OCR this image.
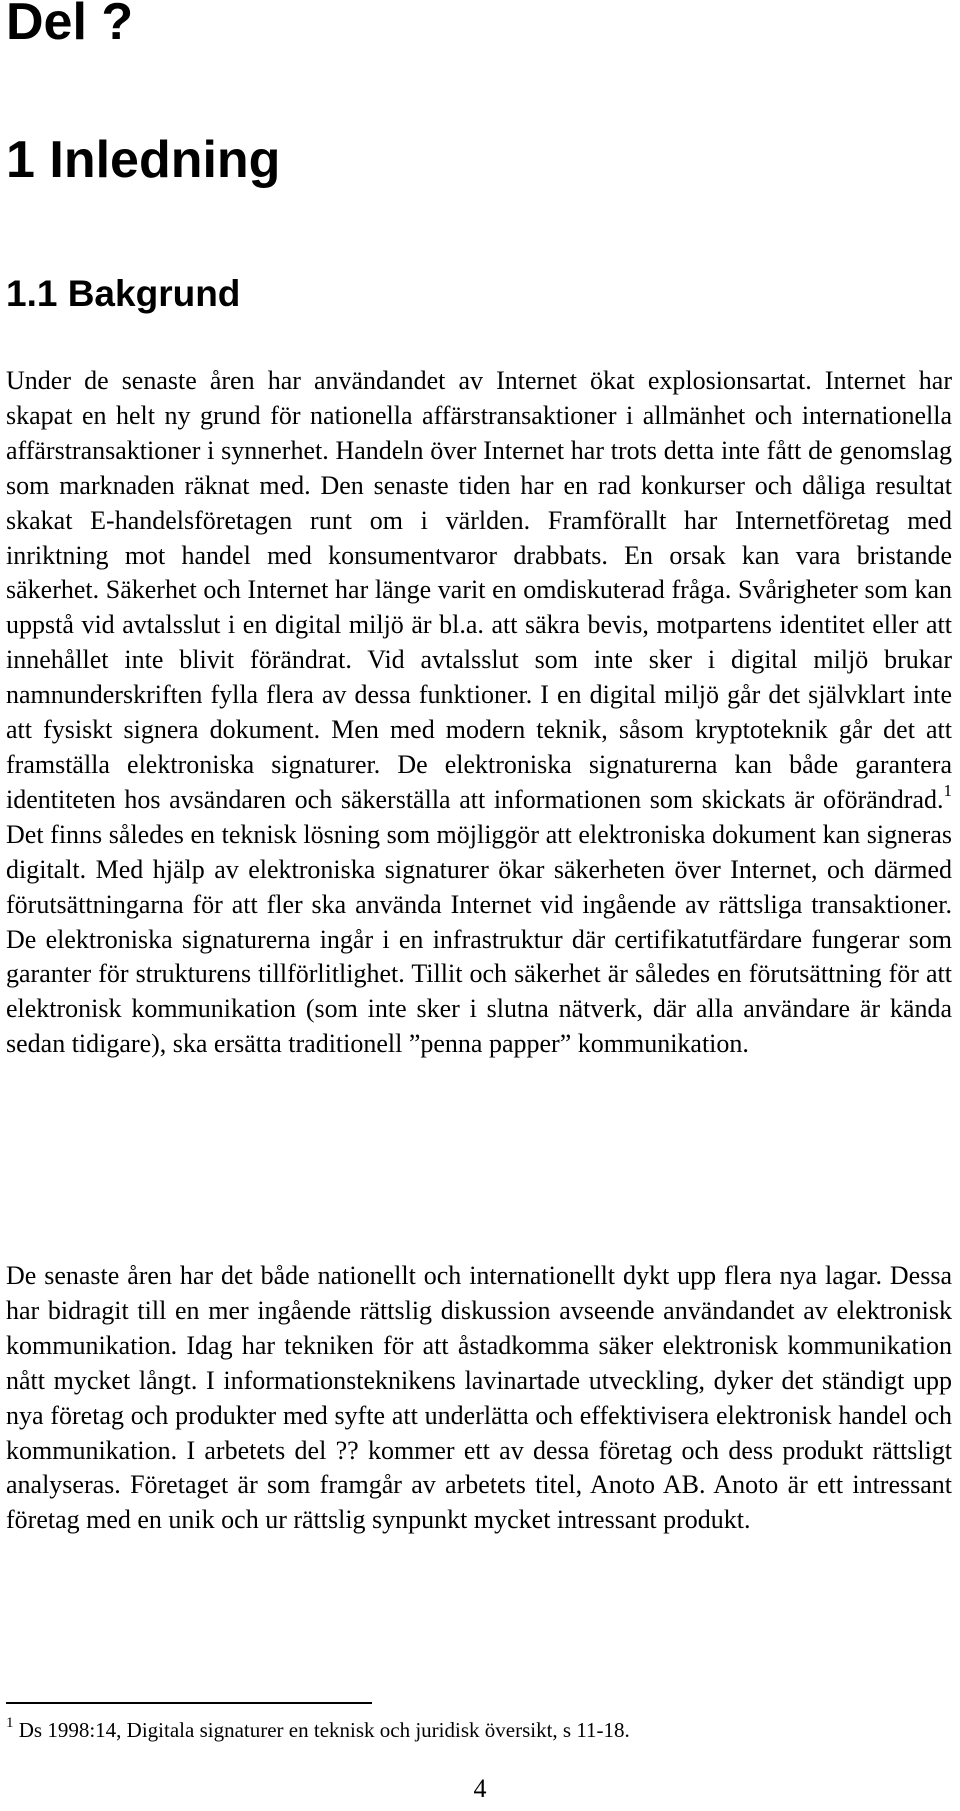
Del ?
1 Inledning
1.1 Bakgrund

Under de senaste åren har användandet av Internet ökat explosionsartat. Internet har skapat en helt ny grund för nationella affärstransaktioner i allmänhet och internationella affärstransaktioner i synnerhet. Handeln över Internet har trots detta inte fått de genomslag som marknaden räknat med. Den senaste tiden har en rad konkurser och dåliga resultat skakat E-handelsföretagen runt om i världen. Framförallt har Internetföretag med inriktning mot handel med konsumentvaror drabbats. En orsak kan vara bristande säkerhet. Säkerhet och Internet har länge varit en omdiskuterad fråga. Svårigheter som kan uppstå vid avtalsslut i en digital miljö är bl.a. att säkra bevis, motpartens identitet eller att innehållet inte blivit förändrat. Vid avtalsslut som inte sker i digital miljö brukar namnunderskriften fylla flera av dessa funktioner. I en digital miljö går det självklart inte att fysiskt signera dokument. Men med modern teknik, såsom kryptoteknik går det att framställa elektroniska signaturer. De elektroniska signaturerna kan både garantera identiteten hos avsändaren och säkerställa att informationen som skickats är oförändrad.$^1$ Det finns således en teknisk lösning som möjliggör att elektroniska dokument kan signeras digitalt. Med hjälp av elektroniska signaturer ökar säkerheten över Internet, och därmed förutsättningarna för att fler ska använda Internet vid ingående av rättsliga transaktioner. De elektroniska signaturerna ingår i en infrastruktur där certifikatutfärdare fungerar som garanter för strukturens tillförlitlighet. Tillit och säkerhet är således en förutsättning för att elektronisk kommunikation (som inte sker i slutna nätverk, där alla användare är kända sedan tidigare), ska ersätta traditionell ”penna papper” kommunikation.

De senaste åren har det både nationellt och internationellt dykt upp flera nya lagar. Dessa har bidragit till en mer ingående rättslig diskussion avseende användandet av elektronisk kommunikation. Idag har tekniken för att åstadkomma säker elektronisk kommunikation nått mycket långt. I informationsteknikens lavinartade utveckling, dyker det ständigt upp nya företag och produkter med syfte att underlätta och effektivisera elektronisk handel och kommunikation. I arbetets del ?? kommer ett av dessa företag och dess produkt rättsligt analyseras. Företaget är som framgår av arbetets titel, Anoto AB. Anoto är ett intressant företag med en unik och ur rättslig synpunkt mycket intressant produkt.

$^1$ Ds 1998:14, Digitala signaturer en teknisk och juridisk översikt, s 11-18.

4
